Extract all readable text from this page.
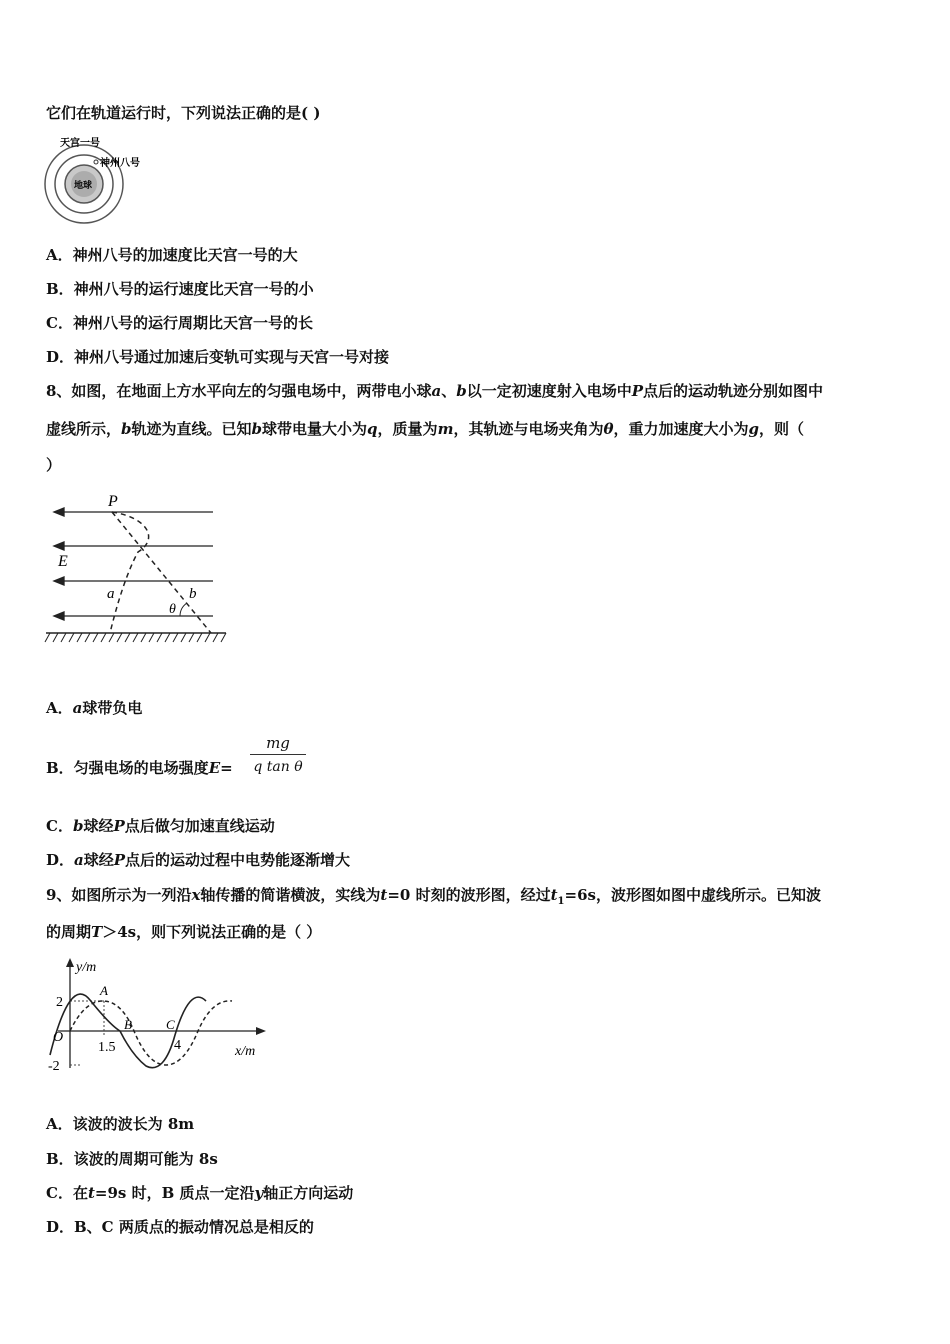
它们在轨道运行时，下列说法正确的是( )
天宫一号
神州八号
地球
A．神州八号的加速度比天宫一号的大
B．神州八号的运行速度比天宫一号的小
C．神州八号的运行周期比天宫一号的长
D．神州八号通过加速后变轨可实现与天宫一号对接
8、如图，在地面上方水平向左的匀强电场中，两带电小球a、b以一定初速度射入电场中P点后的运动轨迹分别如图中
虚线所示，b轨迹为直线。已知b球带电量大小为q，质量为m，其轨迹与电场夹角为θ，重力加速度大小为g，则（
）
P
E
a	b
θ
A．a球带负电
B．匀强电场的电场强度E=
mg
q tan θ
C．b球经P点后做匀加速直线运动
D．a球经P点后的运动过程中电势能逐渐增大
9、如图所示为一列沿x轴传播的简谐横波，实线为t=0 时刻的波形图，经过$t_1=6s$，波形图如图中虚线所示。已知波
的周期T＞4s，则下列说法正确的是（ ）
y/m
x/m
O
2
-2
1.5	4
A
B	C
A．该波的波长为 8m
B．该波的周期可能为 8s
C．在t=9s 时，B 质点一定沿y轴正方向运动
D．B、C 两质点的振动情况总是相反的
